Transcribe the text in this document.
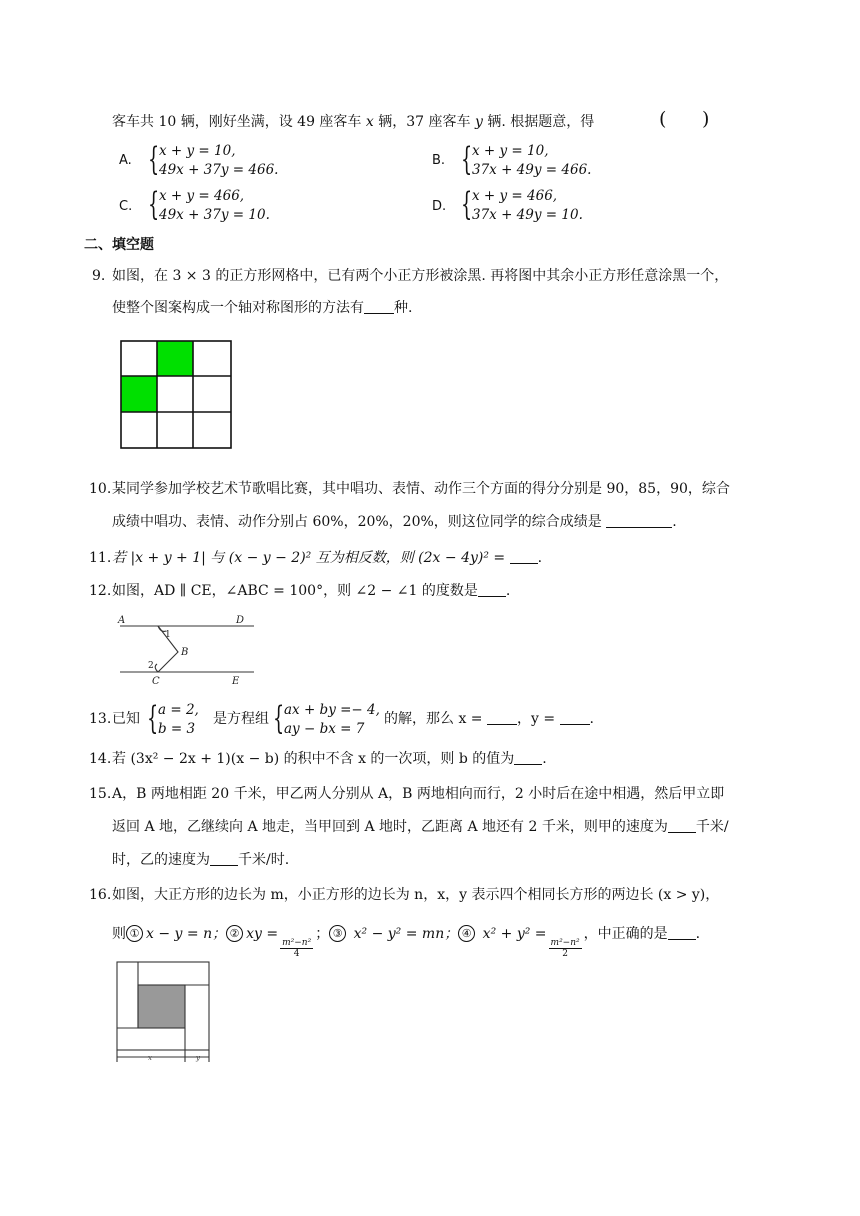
客车共 10 辆，刚好坐满，设 49 座客车 x 辆，37 座客车 y 辆. 根据题意，得	( )
A. { x + y = 10,
49x + 37y = 466.
B. { x + y = 10,
37x + 49y = 466.
C. { x + y = 466,
49x + 37y = 10.
D. { x + y = 466,
37x + 49y = 10.
二、填空题
9. 如图，在 3 × 3 的正方形网格中，已有两个小正方形被涂黑. 再将图中其余小正方形任意涂黑一个，
使整个图案构成一个轴对称图形的方法有 种.
10. 某同学参加学校艺术节歌唱比赛，其中唱功、表情、动作三个方面的得分分别是 90，85，90，综合
成绩中唱功、表情、动作分别占 60%，20%，20%，则这位同学的综合成绩是	.
11. 若 |x + y + 1| 与 (x − y − 2)² 互为相反数，则 (2x − 4y)² = .
12. 如图，AD ∥ CE，∠ABC = 100°，则 ∠2 − ∠1 的度数是 .
A	D
B
C	E
1
2
13. 已知 { a = 2,
b = 3
是方程组 { ax + by =− 4,
ay − bx = 7
的解，那么 x = ，y = .
14. 若 (3x² − 2x + 1)(x − b) 的积中不含 x 的一次项，则 b 的值为 .
15. A，B 两地相距 20 千米，甲乙两人分别从 A，B 两地相向而行，2 小时后在途中相遇，然后甲立即
返回 A 地，乙继续向 A 地走，当甲回到 A 地时，乙距离 A 地还有 2 千米，则甲的速度为 千米/
时，乙的速度为 千米/时.
16. 如图，大正方形的边长为 m，小正方形的边长为 n，x，y 表示四个相同长方形的两边长 (x > y)，
则 ① x − y = n； ② xy =
$\frac{\text{m²−n²}}{4}$
； ③ x² − y² = mn； ④ x² + y² =
$\frac{\text{m²−n²}}{2}$
，中正确的是 .
x	y
